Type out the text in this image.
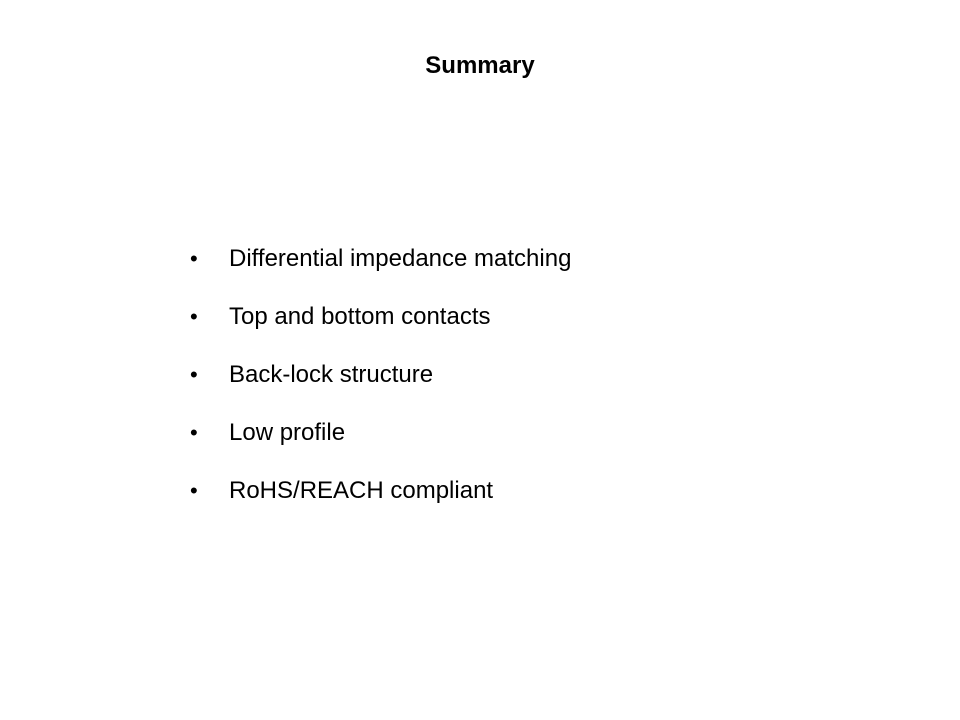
Summary
•	Differential impedance matching
•	Top and bottom contacts
•	Back-lock structure
•	Low profile
•	RoHS/REACH compliant
